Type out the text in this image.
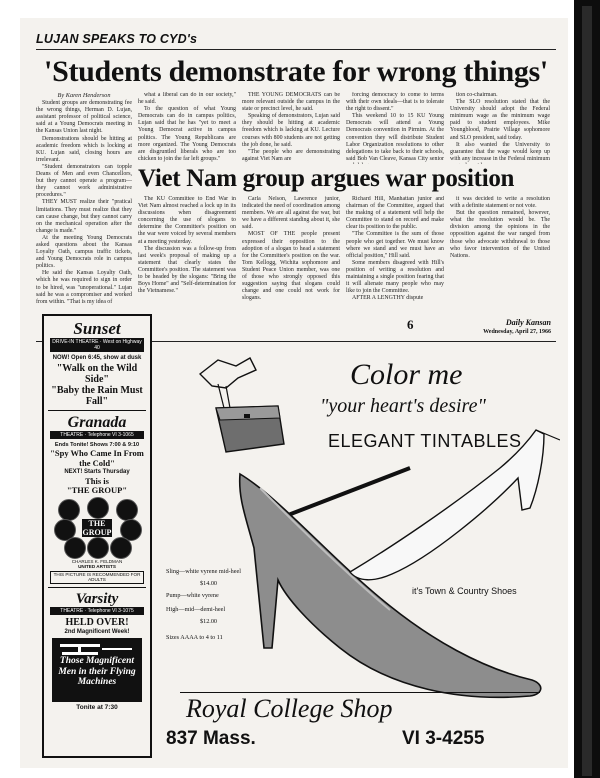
LUJAN SPEAKS TO CYD's
'Students demonstrate for wrong things'

By Karen Henderson

Student groups are demonstrating fee the wrong things, Herman D. Lujan, assistant professor of political science, said at a Young Democrats meeting in the Kansas Union last night.

Demonstrations should be hitting at academic freedom which is locking at KU. Lujan said, closing hours are irrelevant.

"Student demonstrators can topple Deans of Men and even Chancellors, but they cannot operate a program—they cannot work administrative procedures."

THEY MUST realize their "pratical limitations. They must realize that they can cause change, but they cannot carry on the mechanical operation after the change is made."

At the meeting Young Democrats asked questions about the Kansas Loyalty Oath, campus traffic tickets, and Young Democrats role in campus politics.

He said the Kansas Loyalty Oath, which he was required to sign in order to be hired, was "unoperational." Lujan said he was a compromiser and worked from within. "That is my idea of

what a liberal can do in our society," he said.

To the question of what Young Democrats can do in campus politics, Lujan said that he has "yet to meet a Young Democrat active in campus politics. The Young Republicans are more organized. The Young Democrats are disgruntled liberals who are too chicken to join the far left groups."

THE YOUNG DEMOCRATS can be more relevant outside the campus in the state or precinct level, he said.

Speaking of demonstrators, Lujan said they should be hitting at academic freedom which is lacking at KU. Lecture courses with 800 students are not getting the job done, he said.

"The people who are demonstrating against Viet Nam are

forcing democracy to come to terms with their own ideals—that is to tolerate the right to dissent."

This weekend 10 to 15 KU Young Democrats will attend a Young Democrats convention in Pirmim. At the convention they will distribute Student Labor Organization resolutions to other delegations to take back to their schools, said Bob Van Cleave, Kansas City senior

tion co-chairman.

The SLO resolution stated that the University should adopt the Federal minimum wage as the minimum wage paid to student employees. Mike Youngblood, Prairie Village sophomore and SLO president, said today.

It also wanted the University to guarantee that the wage would keep up with any increase in the Federal minimum

Viet Nam group argues war position

The KU Committee to End War in Viet Nam almost reached a lock up in its discussions when disagreement concerning the use of slogans to determine the Committee's position on the war were voiced by several members at a meeting yesterday.

The discussion was a follow-up from last week's proposal of making up a statement that clearly states the Committee's position. The statement was to be headed by the slogans: "Bring the Boys Home" and "Self-determination for the Vietnamese."

Carla Nelson, Lawrence junior, indicated the need of coordination among members. We are all against the war, but we have a different standing about it, she said.

MOST OF THE people present expressed their opposition to the adoption of a slogan to head a statement for the Committee's position on the war. Tom Kellogg, Wichita sophomore and Student Peace Union member, was one of those who strongly opposed this suggestion saying that slogans could change and one could not work for slogans.

Richard Hill, Manhattan junior and chairman of the Committee, argued that the making of a statement will help the Committee to stand on record and make clear its position to the public.

"The Committee is the sum of those people who get together. We must know where we stand and we must have an official position," Hill said.

Some members disagreed with Hill's position of writing a resolution and maintaining a single position fearing that it will alienate many people who may like to join the Committee.

AFTER A LENGTHY dispute

it was decided to write a resolution with a definite statement or not vote.

But the question remained, however, what the resolution would be. The division among the opinions in the opposition against the war ranged from those who advocate withdrawal to those who favor intervention of the United Nations.

6	Daily Kansan
Wednesday, April 27, 1966
Sunset
DRIVE-IN THEATRE · West on Highway 40
NOW! Open 6:45, show at dusk
"Walk on the Wild Side"
"Baby the Rain Must Fall"
Granada
THEATRE · Telephone VI 3-1065
Ends Tonite! Shows 7:00 & 9:10
"Spy Who Came In From the Cold"
NEXT! Starts Thursday
This is
"THE GROUP"
THE GROUP
CHARLES K. FELDMAN
UNITED ARTISTS
THIS PICTURE IS RECOMMENDED FOR ADULTS
Varsity
THEATRE · Telephone VI 3-1075
HELD OVER!
2nd Magnificent Week!
Those Magnificent Men in their Flying Machines
Tonite at 7:30
Color me
"your heart's desire"
ELEGANT TINTABLES
it's Town & Country Shoes
Sling—white vyrene mid-heel
$14.00
Pump—white vyrene
High—mid—demi-heel
$12.00
Sizes AAAA to 4 to 11
Royal College Shop
837 Mass.	VI 3-4255
